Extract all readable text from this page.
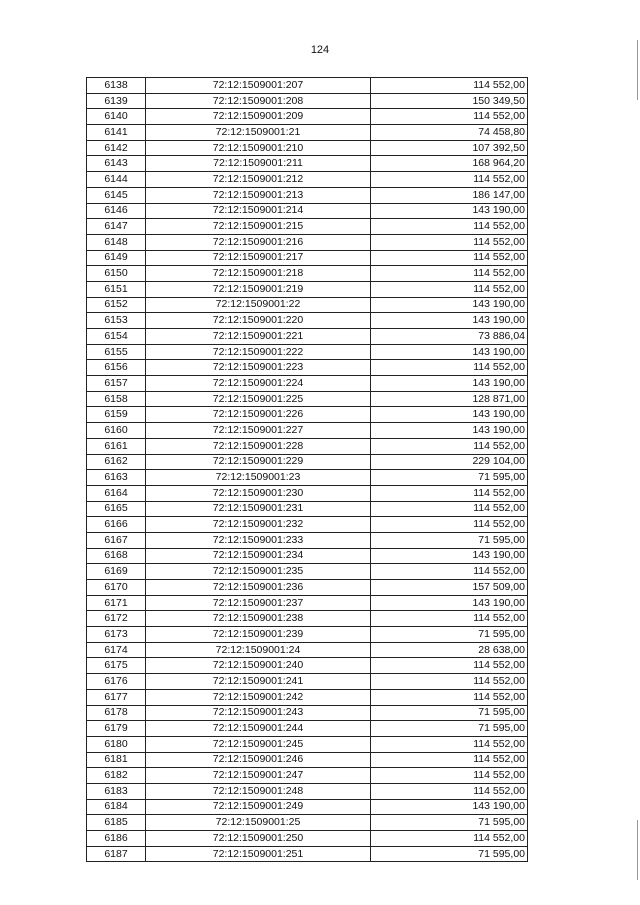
124
6138	72:12:1509001:207	114 552,00
6139	72:12:1509001:208	150 349,50
6140	72:12:1509001:209	114 552,00
6141	72:12:1509001:21	74 458,80
6142	72:12:1509001:210	107 392,50
6143	72:12:1509001:211	168 964,20
6144	72:12:1509001:212	114 552,00
6145	72:12:1509001:213	186 147,00
6146	72:12:1509001:214	143 190,00
6147	72:12:1509001:215	114 552,00
6148	72:12:1509001:216	114 552,00
6149	72:12:1509001:217	114 552,00
6150	72:12:1509001:218	114 552,00
6151	72:12:1509001:219	114 552,00
6152	72:12:1509001:22	143 190,00
6153	72:12:1509001:220	143 190,00
6154	72:12:1509001:221	73 886,04
6155	72:12:1509001:222	143 190,00
6156	72:12:1509001:223	114 552,00
6157	72:12:1509001:224	143 190,00
6158	72:12:1509001:225	128 871,00
6159	72:12:1509001:226	143 190,00
6160	72:12:1509001:227	143 190,00
6161	72:12:1509001:228	114 552,00
6162	72:12:1509001:229	229 104,00
6163	72:12:1509001:23	71 595,00
6164	72:12:1509001:230	114 552,00
6165	72:12:1509001:231	114 552,00
6166	72:12:1509001:232	114 552,00
6167	72:12:1509001:233	71 595,00
6168	72:12:1509001:234	143 190,00
6169	72:12:1509001:235	114 552,00
6170	72:12:1509001:236	157 509,00
6171	72:12:1509001:237	143 190,00
6172	72:12:1509001:238	114 552,00
6173	72:12:1509001:239	71 595,00
6174	72:12:1509001:24	28 638,00
6175	72:12:1509001:240	114 552,00
6176	72:12:1509001:241	114 552,00
6177	72:12:1509001:242	114 552,00
6178	72:12:1509001:243	71 595,00
6179	72:12:1509001:244	71 595,00
6180	72:12:1509001:245	114 552,00
6181	72:12:1509001:246	114 552,00
6182	72:12:1509001:247	114 552,00
6183	72:12:1509001:248	114 552,00
6184	72:12:1509001:249	143 190,00
6185	72:12:1509001:25	71 595,00
6186	72:12:1509001:250	114 552,00
6187	72:12:1509001:251	71 595,00
